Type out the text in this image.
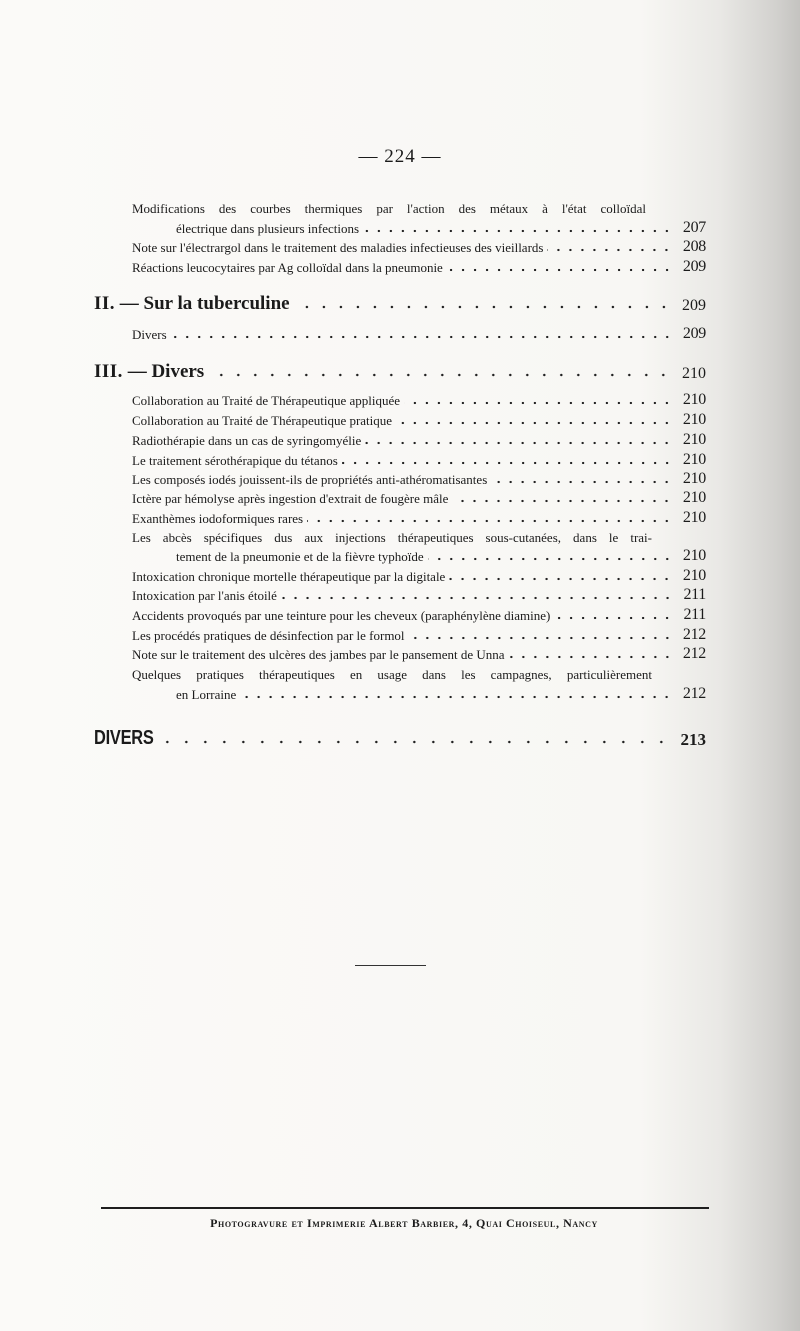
— 224 —
Modifications des courbes thermiques par l'action des métaux à l'état colloïdal
électrique dans plusieurs infections	207
Note sur l'électrargol dans le traitement des maladies infectieuses des vieillards	208
Réactions leucocytaires par Ag colloïdal dans la pneumonie	209
II. — Sur la tuberculine	209
Divers	209
III. — Divers	210
Collaboration au Traité de Thérapeutique appliquée	210
Collaboration au Traité de Thérapeutique pratique	210
Radiothérapie dans un cas de syringomyélie	210
Le traitement sérothérapique du tétanos	210
Les composés iodés jouissent-ils de propriétés anti-athéromatisantes	210
Ictère par hémolyse après ingestion d'extrait de fougère mâle	210
Exanthèmes iodoformiques rares	210
Les abcès spécifiques dus aux injections thérapeutiques sous-cutanées, dans le trai-
tement de la pneumonie et de la fièvre typhoïde	210
Intoxication chronique mortelle thérapeutique par la digitale	210
Intoxication par l'anis étoilé	211
Accidents provoqués par une teinture pour les cheveux (paraphénylène diamine)	211
Les procédés pratiques de désinfection par le formol	212
Note sur le traitement des ulcères des jambes par le pansement de Unna	212
Quelques pratiques thérapeutiques en usage dans les campagnes, particulièrement
en Lorraine	212
DIVERS	213
Photogravure et Imprimerie Albert Barbier, 4, Quai Choiseul, Nancy
